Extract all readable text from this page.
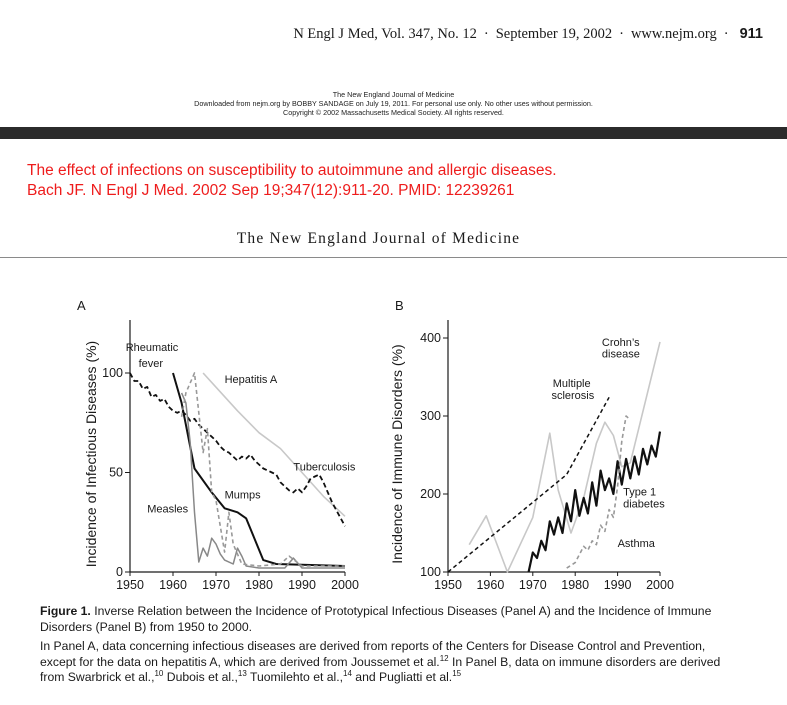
N Engl J Med, Vol. 347, No. 12 · September 19, 2002 · www.nejm.org · 911
The New England Journal of Medicine
Downloaded from nejm.org by BOBBY SANDAGE on July 19, 2011. For personal use only. No other uses without permission.
Copyright © 2002 Massachusetts Medical Society. All rights reserved.
The effect of infections on susceptibility to autoimmune and allergic diseases.
Bach JF. N Engl J Med. 2002 Sep 19;347(12):911-20. PMID: 12239261
The New England Journal of Medicine
A
1950 1960 1970 1980 1990 2000
0
50
100
Incidence of Infectious Diseases (%) Rheumatic
fever
Hepatitis A
Tuberculosis
Mumps
Measles
B
1950 1960 1970 1980 1990 2000
100
200
300
400
Incidence of Immune Disorders (%)
Crohn’s
disease
Multiple
sclerosis
Type 1
diabetes
Asthma

Figure 1. Inverse Relation between the Incidence of Prototypical Infectious Diseases (Panel A) and the Incidence of Immune Disorders (Panel B) from 1950 to 2000.

In Panel A, data concerning infectious diseases are derived from reports of the Centers for Disease Control and Prevention, except for the data on hepatitis A, which are derived from Joussemet et al.$^{12}$ In Panel B, data on immune disorders are derived from Swarbrick et al.,$^{10}$ Dubois et al.,$^{13}$ Tuomilehto et al.,$^{14}$ and Pugliatti et al.$^{15}$
